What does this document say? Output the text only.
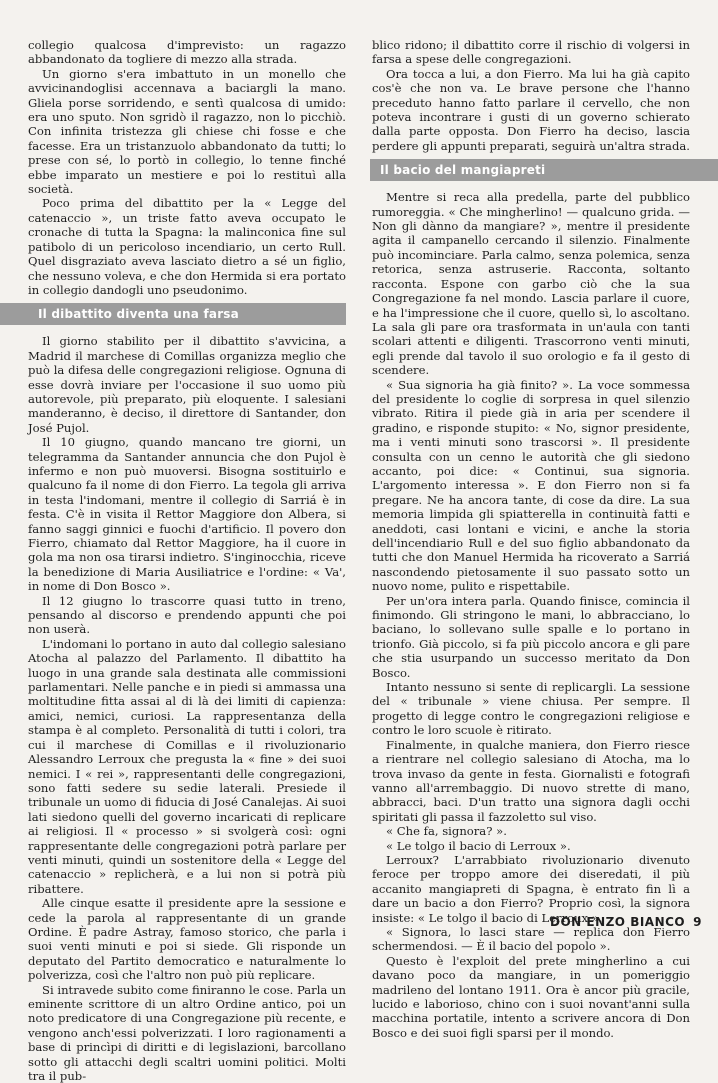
collegio qualcosa d'imprevisto: un ragazzo abbandonato da togliere di mezzo alla strada.

Un giorno s'era imbattuto in un monello che avvicinandoglisi accennava a baciargli la mano. Gliela porse sorridendo, e sentì qualcosa di umido: era uno sputo. Non sgridò il ragazzo, non lo picchiò. Con infinita tristezza gli chiese chi fosse e che facesse. Era un tristanzuolo abbandonato da tutti; lo prese con sé, lo portò in collegio, lo tenne finché ebbe imparato un mestiere e poi lo restituì alla società.

Poco prima del dibattito per la « Legge del catenaccio », un triste fatto aveva occupato le cronache di tutta la Spagna: la malinconica fine sul patibolo di un pericoloso incendiario, un certo Rull. Quel disgraziato aveva lasciato dietro a sé un figlio, che nessuno voleva, e che don Hermida si era portato in collegio dandogli uno pseudonimo.

Il dibattito diventa una farsa

Il giorno stabilito per il dibattito s'avvicina, a Madrid il marchese di Comillas organizza meglio che può la difesa delle congregazioni religiose. Ognuna di esse dovrà inviare per l'occasione il suo uomo più autorevole, più preparato, più eloquente. I salesiani manderanno, è deciso, il direttore di Santander, don José Pujol.

Il 10 giugno, quando mancano tre giorni, un telegramma da Santander annuncia che don Pujol è infermo e non può muoversi. Bisogna sostituirlo e qualcuno fa il nome di don Fierro. La tegola gli arriva in testa l'indomani, mentre il collegio di Sarriá è in festa. C'è in visita il Rettor Maggiore don Albera, si fanno saggi ginnici e fuochi d'artificio. Il povero don Fierro, chiamato dal Rettor Maggiore, ha il cuore in gola ma non osa tirarsi indietro. S'inginocchia, riceve la benedizione di Maria Ausiliatrice e l'ordine: « Va', in nome di Don Bosco ».

Il 12 giugno lo trascorre quasi tutto in treno, pensando al discorso e prendendo appunti che poi non userà.

L'indomani lo portano in auto dal collegio salesiano Atocha al palazzo del Parlamento. Il dibattito ha luogo in una grande sala destinata alle commissioni parlamentari. Nelle panche e in piedi si ammassa una moltitudine fitta assai al di là dei limiti di capienza: amici, nemici, curiosi. La rappresentanza della stampa è al completo. Personalità di tutti i colori, tra cui il marchese di Comillas e il rivoluzionario Alessandro Lerroux che pregusta la « fine » dei suoi nemici. I « rei », rappresentanti delle congregazioni, sono fatti sedere su sedie laterali. Presiede il tribunale un uomo di fiducia di José Canalejas. Ai suoi lati siedono quelli del governo incaricati di replicare ai religiosi. Il « processo » si svolgerà così: ogni rappresentante delle congregazioni potrà parlare per venti minuti, quindi un sostenitore della « Legge del catenaccio » replicherà, e a lui non si potrà più ribattere.

Alle cinque esatte il presidente apre la sessione e cede la parola al rappresentante di un grande Ordine. È padre Astray, famoso storico, che parla i suoi venti minuti e poi si siede. Gli risponde un deputato del Partito democratico e naturalmente lo polverizza, così che l'altro non può più replicare.

Si intravede subito come finiranno le cose. Parla un eminente scrittore di un altro Ordine antico, poi un noto predicatore di una Congregazione più recente, e vengono anch'essi polverizzati. I loro ragionamenti a base di princìpi di diritti e di legislazioni, barcollano sotto gli attacchi degli scaltri uomini politici. Molti tra il pub-

blico ridono; il dibattito corre il rischio di volgersi in farsa a spese delle congregazioni.

Ora tocca a lui, a don Fierro. Ma lui ha già capito cos'è che non va. Le brave persone che l'hanno preceduto hanno fatto parlare il cervello, che non poteva incontrare i gusti di un governo schierato dalla parte opposta. Don Fierro ha deciso, lascia perdere gli appunti preparati, seguirà un'altra strada.

Il bacio del mangiapreti

Mentre si reca alla predella, parte del pubblico rumoreggia. « Che mingherlino! — qualcuno grida. — Non gli dànno da mangiare? », mentre il presidente agita il campanello cercando il silenzio. Finalmente può incominciare. Parla calmo, senza polemica, senza retorica, senza astruserie. Racconta, soltanto racconta. Espone con garbo ciò che la sua Congregazione fa nel mondo. Lascia parlare il cuore, e ha l'impressione che il cuore, quello sì, lo ascoltano. La sala gli pare ora trasformata in un'aula con tanti scolari attenti e diligenti. Trascorrono venti minuti, egli prende dal tavolo il suo orologio e fa il gesto di scendere.

« Sua signoria ha già finito? ». La voce sommessa del presidente lo coglie di sorpresa in quel silenzio vibrato. Ritira il piede già in aria per scendere il gradino, e risponde stupito: « No, signor presidente, ma i venti minuti sono trascorsi ». Il presidente consulta con un cenno le autorità che gli siedono accanto, poi dice: « Continui, sua signoria. L'argomento interessa ». E don Fierro non si fa pregare. Ne ha ancora tante, di cose da dire. La sua memoria limpida gli spiatterella in continuità fatti e aneddoti, casi lontani e vicini, e anche la storia dell'incendiario Rull e del suo figlio abbandonato da tutti che don Manuel Hermida ha ricoverato a Sarriá nascondendo pietosamente il suo passato sotto un nuovo nome, pulito e rispettabile.

Per un'ora intera parla. Quando finisce, comincia il finimondo. Gli stringono le mani, lo abbracciano, lo baciano, lo sollevano sulle spalle e lo portano in trionfo. Già piccolo, si fa più piccolo ancora e gli pare che stia usurpando un successo meritato da Don Bosco.

Intanto nessuno si sente di replicargli. La sessione del « tribunale » viene chiusa. Per sempre. Il progetto di legge contro le congregazioni religiose e contro le loro scuole è ritirato.

Finalmente, in qualche maniera, don Fierro riesce a rientrare nel collegio salesiano di Atocha, ma lo trova invaso da gente in festa. Giornalisti e fotografi vanno all'arrembaggio. Di nuovo strette di mano, abbracci, baci. D'un tratto una signora dagli occhi spiritati gli passa il fazzoletto sul viso.

« Che fa, signora? ».

« Le tolgo il bacio di Lerroux ».

Lerroux? L'arrabbiato rivoluzionario divenuto feroce per troppo amore dei diseredati, il più accanito mangiapreti di Spagna, è entrato fin lì a dare un bacio a don Fierro? Proprio così, la signora insiste: « Le tolgo il bacio di Lerroux ».

« Signora, lo lasci stare — replica don Fierro schermendosi. — È il bacio del popolo ».

Questo è l'exploit del prete mingherlino a cui davano poco da mangiare, in un pomeriggio madrileno del lontano 1911. Ora è ancor più gracile, lucido e laborioso, chino con i suoi novant'anni sulla macchina portatile, intento a scrivere ancora di Don Bosco e dei suoi figli sparsi per il mondo.

DON ENZO BIANCO 9
